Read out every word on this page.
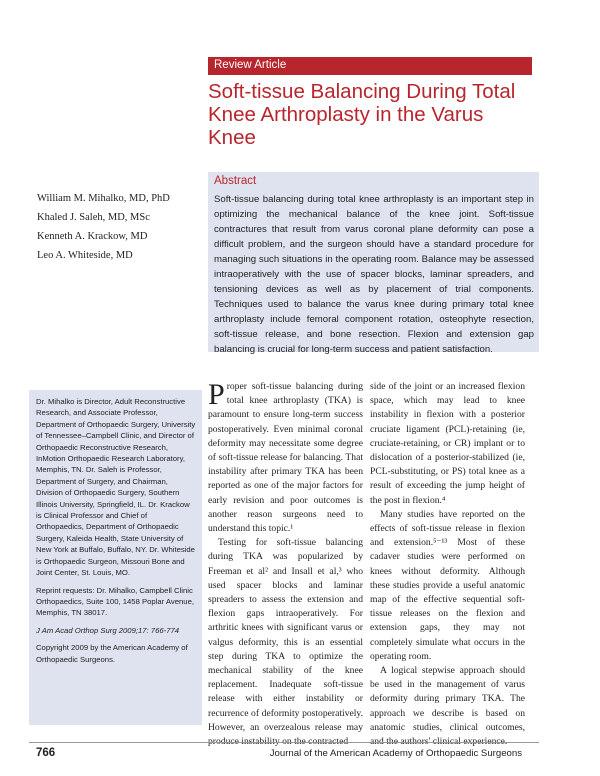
Review Article
Soft-tissue Balancing During Total Knee Arthroplasty in the Varus Knee
William M. Mihalko, MD, PhD
Khaled J. Saleh, MD, MSc
Kenneth A. Krackow, MD
Leo A. Whiteside, MD
Abstract
Soft-tissue balancing during total knee arthroplasty is an important step in optimizing the mechanical balance of the knee joint. Soft-tissue contractures that result from varus coronal plane deformity can pose a difficult problem, and the surgeon should have a standard procedure for managing such situations in the operating room. Balance may be assessed intraoperatively with the use of spacer blocks, laminar spreaders, and tensioning devices as well as by placement of trial components. Techniques used to balance the varus knee during primary total knee arthroplasty include femoral component rotation, osteophyte resection, soft-tissue release, and bone resection. Flexion and extension gap balancing is crucial for long-term success and patient satisfaction.

Dr. Mihalko is Director, Adult Reconstructive Research, and Associate Professor, Department of Orthopaedic Surgery, University of Tennessee–Campbell Clinic, and Director of Orthopaedic Reconstructive Research, InMotion Orthopaedic Research Laboratory, Memphis, TN. Dr. Saleh is Professor, Department of Surgery, and Chairman, Division of Orthopaedic Surgery, Southern Illinois University, Springfield, IL. Dr. Krackow is Clinical Professor and Chief of Orthopaedics, Department of Orthopaedic Surgery, Kaleida Health, State University of New York at Buffalo, Buffalo, NY. Dr. Whiteside is Orthopaedic Surgeon, Missouri Bone and Joint Center, St. Louis, MO.

Reprint requests: Dr. Mihalko, Campbell Clinic Orthopaedics, Suite 100, 1458 Poplar Avenue, Memphis, TN 38017.

J Am Acad Orthop Surg 2009;17: 766-774

Copyright 2009 by the American Academy of Orthopaedic Surgeons.

P roper soft-tissue balancing during total knee arthroplasty (TKA) is paramount to ensure long-term success postoperatively. Even minimal coronal deformity may necessitate some degree of soft-tissue release for balancing. That instability after primary TKA has been reported as one of the major factors for early revision and poor outcomes is another reason surgeons need to understand this topic.¹

Testing for soft-tissue balancing during TKA was popularized by Freeman et al² and Insall et al,³ who used spacer blocks and laminar spreaders to assess the extension and flexion gaps intraoperatively. For arthritic knees with significant varus or valgus deformity, this is an essential step during TKA to optimize the mechanical stability of the knee replacement. Inadequate soft-tissue release with either instability or recurrence of deformity postoperatively. However, an overzealous release may

side of the joint or an increased flexion space, which may lead to knee instability in flexion with a posterior cruciate ligament (PCL)-retaining (ie, cruciate-retaining, or CR) implant or to dislocation of a posterior-stabilized (ie, PCL-substituting, or PS) total knee as a result of exceeding the jump height of the post in flexion.⁴

Many studies have reported on the effects of soft-tissue release in flexion and extension.⁵⁻¹³ Most of these cadaver studies were performed on knees without deformity. Although these studies provide a useful anatomic map of the effective sequential soft-tissue releases on the flexion and extension gaps, they may not completely simulate what occurs in the operating room.

A logical stepwise approach should be used in the management of varus deformity during primary TKA. The approach we describe is based on anatomic studies, clinical outcomes,

766	Journal of the American Academy of Orthopaedic Surgeons
